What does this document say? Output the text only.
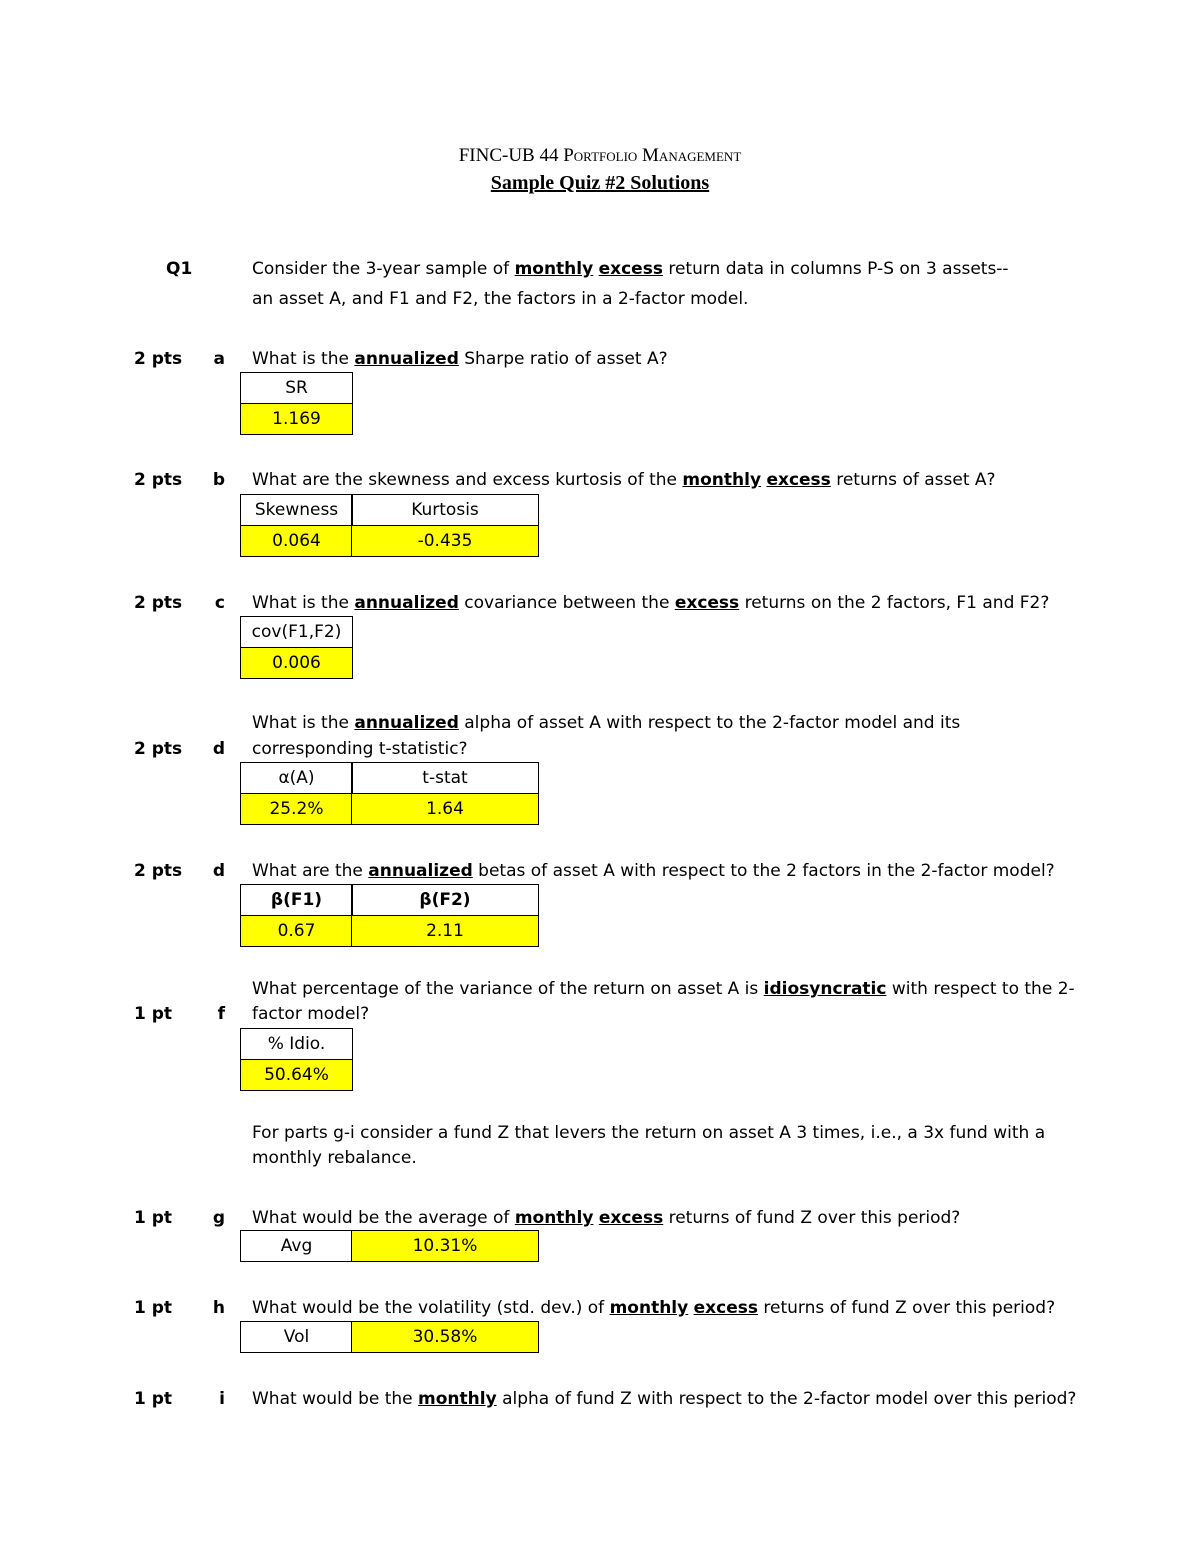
FINC-UB 44 Portfolio Management
Sample Quiz #2 Solutions
Q1	Consider the 3-year sample of monthly excess return data in columns P-S on 3 assets--
an asset A, and F1 and F2, the factors in a 2-factor model.
2 pts a What is the annualized Sharpe ratio of asset A?
SR
1.169
2 pts b What are the skewness and excess kurtosis of the monthly excess returns of asset A?
Skewness	Kurtosis
0.064	-0.435
2 pts c What is the annualized covariance between the excess returns on the 2 factors, F1 and F2?
cov(F1,F2)
0.006
What is the annualized alpha of asset A with respect to the 2-factor model and its
2 pts d corresponding t-statistic?
α(A)	t-stat
25.2%	1.64
2 pts d What are the annualized betas of asset A with respect to the 2 factors in the 2-factor model?
β(F1)	β(F2)
0.67	2.11
What percentage of the variance of the return on asset A is idiosyncratic with respect to the 2-
1 pt	f factor model?
% Idio.
50.64%
For parts g-i consider a fund Z that levers the return on asset A 3 times, i.e., a 3x fund with a
monthly rebalance.
1 pt g What would be the average of monthly excess returns of fund Z over this period?
Avg	10.31%
1 pt h What would be the volatility (std. dev.) of monthly excess returns of fund Z over this period?
Vol	30.58%
1 pt	i What would be the monthly alpha of fund Z with respect to the 2-factor model over this period?
